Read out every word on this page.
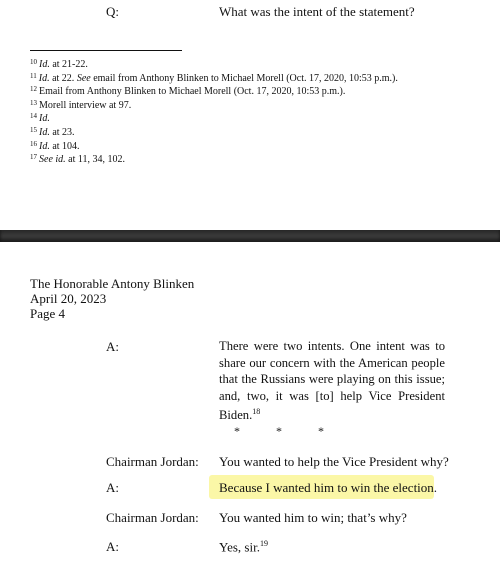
Q:	What was the intent of the statement?
$^{10}$ Id. at 21-22.
$^{11}$ Id. at 22. See email from Anthony Blinken to Michael Morell (Oct. 17, 2020, 10:53 p.m.).
$^{12}$ Email from Anthony Blinken to Michael Morell (Oct. 17, 2020, 10:53 p.m.).
$^{13}$ Morell interview at 97.
$^{14}$ Id.
$^{15}$ Id. at 23.
$^{16}$ Id. at 104.
$^{17}$ See id. at 11, 34, 102.
The Honorable Antony Blinken
April 20, 2023
Page 4
A:	There were two intents. One intent was to share our concern with the American people that the Russians were playing on this issue; and, two, it was [to] help Vice President Biden.$^{18}$
*	*	*
Chairman Jordan: You wanted to help the Vice President why?
A:	Because I wanted him to win the election.
Chairman Jordan: You wanted him to win; that’s why?
A:	Yes, sir.$^{19}$
